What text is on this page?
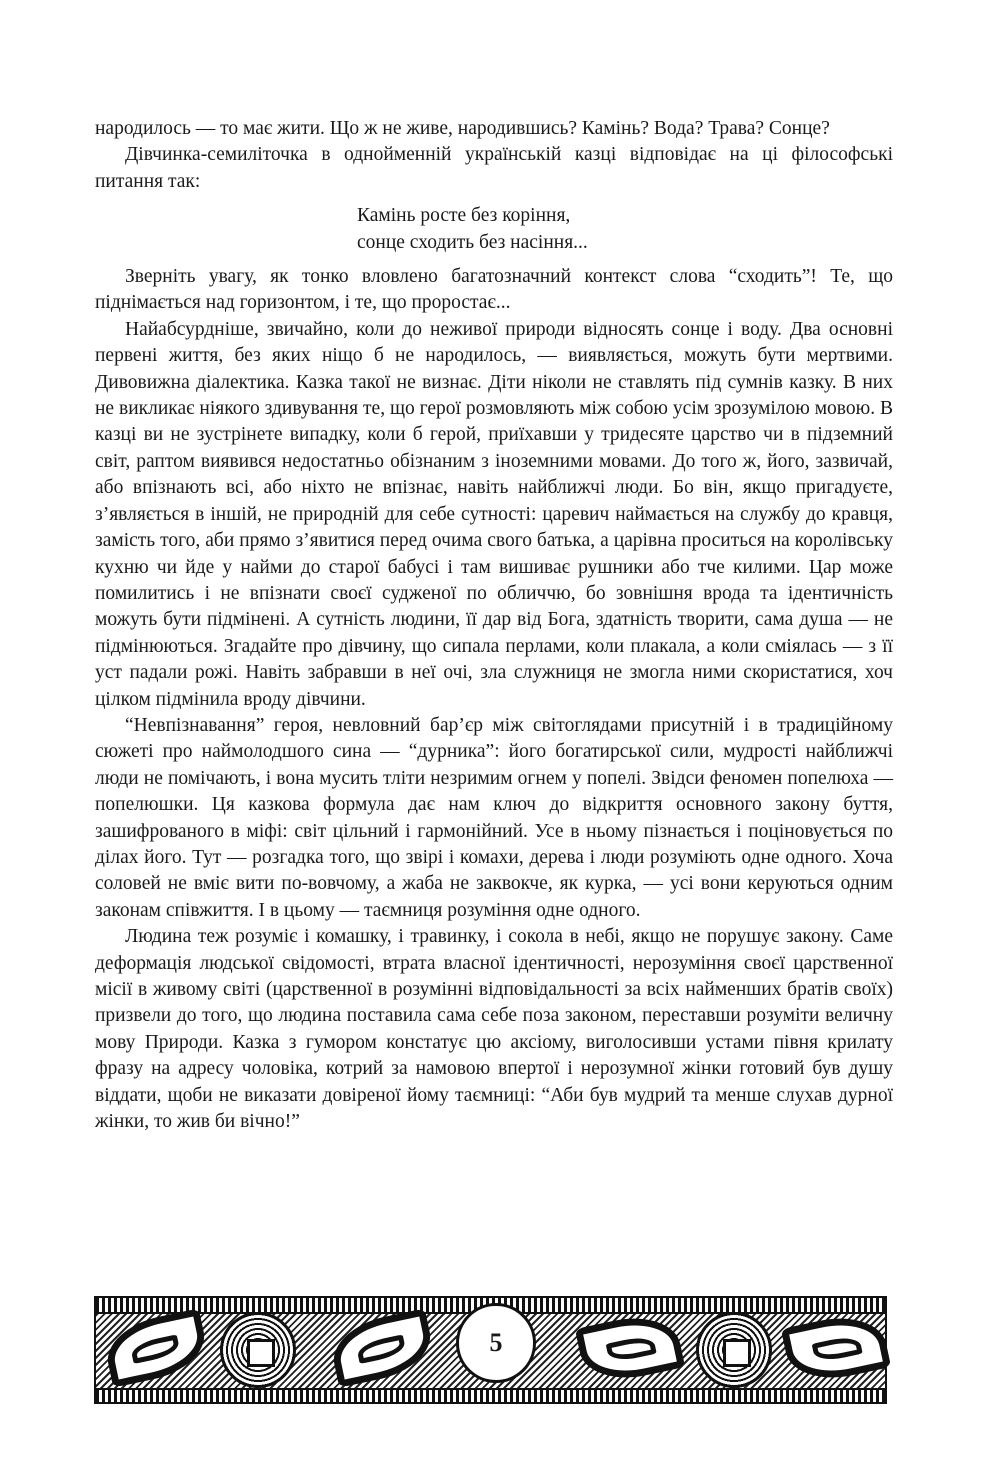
народилось — то має жити. Що ж не живе, народившись? Камінь? Вода? Трава? Сонце?

Дівчинка-семиліточка в однойменній українській казці відповідає на ці філософські питання так:

Камінь росте без коріння,
сонце сходить без насіння...

Зверніть увагу, як тонко вловлено багатозначний контекст слова “сходить”! Те, що піднімається над горизонтом, і те, що проростає...

Найабсурдніше, звичайно, коли до неживої природи відносять сонце і воду. Два основні первені життя, без яких ніщо б не народилось, — виявляється, можуть бути мертвими. Дивовижна діалектика. Казка такої не визнає. Діти ніколи не ставлять під сумнів казку. В них не викликає ніякого здивування те, що герої розмовляють між собою усім зрозумілою мовою. В казці ви не зустрінете випадку, коли б герой, приїхавши у тридесяте царство чи в підземний світ, раптом виявився недостатньо обізнаним з іноземними мовами. До того ж, його, зазвичай, або впізнають всі, або ніхто не впізнає, навіть найближчі люди. Бо він, якщо пригадуєте, з’являється в іншій, не природній для себе сутності: царевич наймається на службу до кравця, замість того, аби прямо з’явитися перед очима свого батька, а царівна проситься на королівську кухню чи йде у найми до старої бабусі і там вишиває рушники або тче килими. Цар може помилитись і не впізнати своєї судженої по обличчю, бо зовнішня врода та ідентичність можуть бути підмінені. А сутність людини, її дар від Бога, здатність творити, сама душа — не підмінюються. Згадайте про дівчину, що сипала перлами, коли плакала, а коли сміялась — з її уст падали рожі. Навіть забравши в неї очі, зла служниця не змогла ними скористатися, хоч цілком підмінила вроду дівчини.

“Невпізнавання” героя, невловний бар’єр між світоглядами присутній і в традиційному сюжеті про наймолодшого сина — “дурника”: його богатирської сили, мудрості найближчі люди не помічають, і вона мусить тліти незримим огнем у попелі. Звідси феномен попелюха — попелюшки. Ця казкова формула дає нам ключ до відкриття основного закону буття, зашифрованого в міфі: світ цільний і гармонійний. Усе в ньому пізнається і поціновується по ділах його. Тут — розгадка того, що звірі і комахи, дерева і люди розуміють одне одного. Хоча соловей не вміє вити по-вовчому, а жаба не заквокче, як курка, — усі вони керуються одним законам співжиття. І в цьому — таємниця розуміння одне одного.

Людина теж розуміє і комашку, і травинку, і сокола в небі, якщо не порушує закону. Саме деформація людської свідомості, втрата власної ідентичності, нерозуміння своєї царственної місії в живому світі (царственної в розумінні відповідальності за всіх найменших братів своїх) призвели до того, що людина поставила сама себе поза законом, переставши розуміти величну мову Природи. Казка з гумором констатує цю аксіому, виголосивши устами півня крилату фразу на адресу чоловіка, котрий за намовою впертої і нерозумної жінки готовий був душу віддати, щоби не виказати довіреної йому таємниці: “Аби був мудрий та менше слухав дурної жінки, то жив би вічно!”

5
